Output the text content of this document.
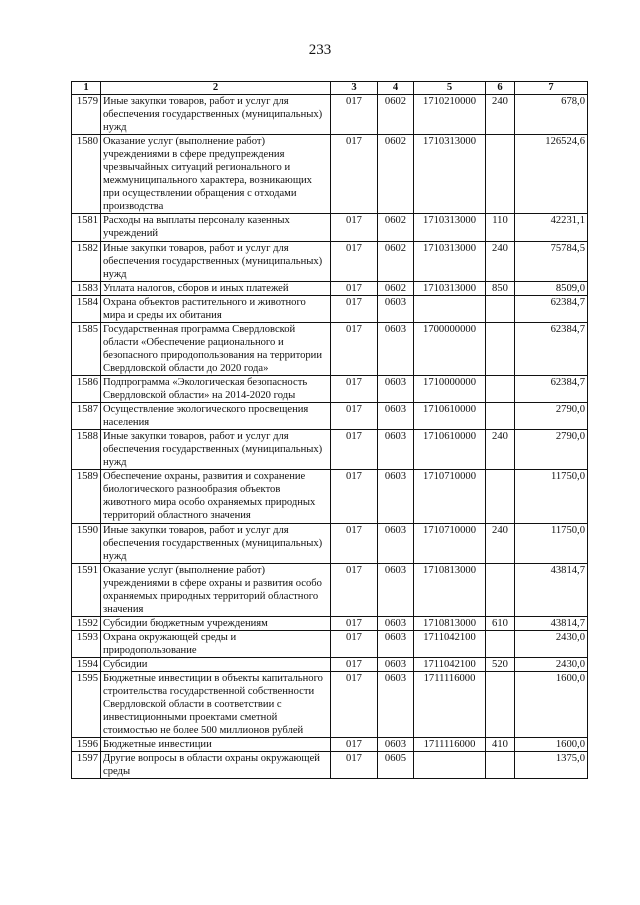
233
1	2	3	4	5	6	7
1579	Иные закупки товаров, работ и услуг для обеспечения государственных (муниципальных) нужд	017	0602	1710210000	240	678,0
1580	Оказание услуг (выполнение работ) учреждениями в сфере предупреждения чрезвычайных ситуаций регионального и межмуниципального характера, возникающих при осуществлении обращения с отходами производства	017	0602	1710313000		126524,6
1581	Расходы на выплаты персоналу казенных учреждений	017	0602	1710313000	110	42231,1
1582	Иные закупки товаров, работ и услуг для обеспечения государственных (муниципальных) нужд	017	0602	1710313000	240	75784,5
1583	Уплата налогов, сборов и иных платежей	017	0602	1710313000	850	8509,0
1584	Охрана объектов растительного и животного мира и среды их обитания	017	0603			62384,7
1585	Государственная программа Свердловской области «Обеспечение рационального и безопасного природопользования на территории Свердловской области до 2020 года»	017	0603	1700000000		62384,7
1586	Подпрограмма «Экологическая безопасность Свердловской области» на 2014-2020 годы	017	0603	1710000000		62384,7
1587	Осуществление экологического просвещения населения	017	0603	1710610000		2790,0
1588	Иные закупки товаров, работ и услуг для обеспечения государственных (муниципальных) нужд	017	0603	1710610000	240	2790,0
1589	Обеспечение охраны, развития и сохранение биологического разнообразия объектов животного мира особо охраняемых природных территорий областного значения	017	0603	1710710000		11750,0
1590	Иные закупки товаров, работ и услуг для обеспечения государственных (муниципальных) нужд	017	0603	1710710000	240	11750,0
1591	Оказание услуг (выполнение работ) учреждениями в сфере охраны и развития особо охраняемых природных территорий областного значения	017	0603	1710813000		43814,7
1592	Субсидии бюджетным учреждениям	017	0603	1710813000	610	43814,7
1593	Охрана окружающей среды и природопользование	017	0603	1711042100		2430,0
1594	Субсидии	017	0603	1711042100	520	2430,0
1595	Бюджетные инвестиции в объекты капитального строительства государственной собственности Свердловской области в соответствии с инвестиционными проектами сметной стоимостью не более 500 миллионов рублей	017	0603	1711116000		1600,0
1596	Бюджетные инвестиции	017	0603	1711116000	410	1600,0
1597	Другие вопросы в области охраны окружающей среды	017	0605			1375,0
